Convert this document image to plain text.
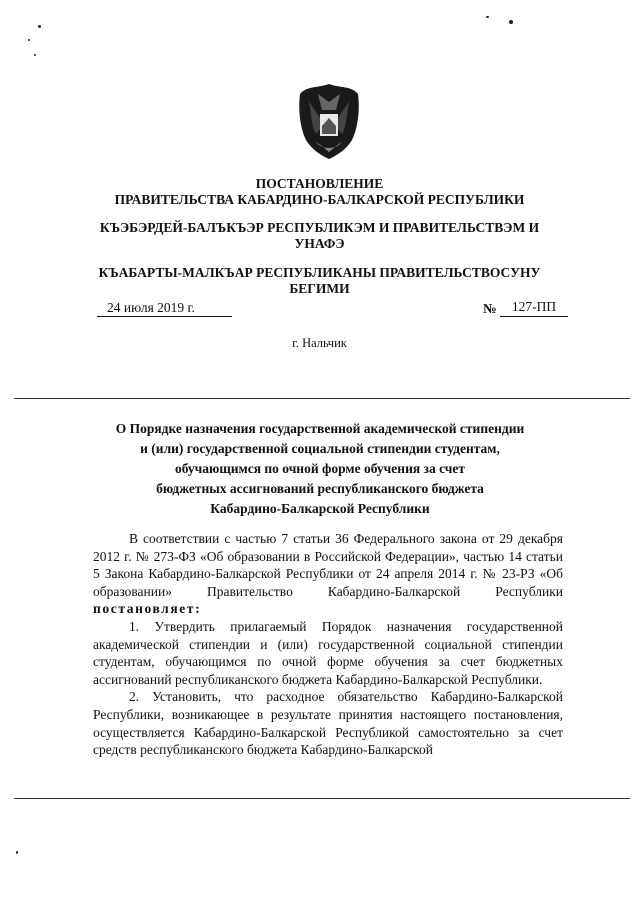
ПОСТАНОВЛЕНИЕ
ПРАВИТЕЛЬСТВА КАБАРДИНО-БАЛКАРСКОЙ РЕСПУБЛИКИ
КЪЭБЭРДЕЙ-БАЛЪКЪЭР РЕСПУБЛИКЭМ И ПРАВИТЕЛЬСТВЭМ И
УНАФЭ
КЪАБАРТЫ-МАЛКЪАР РЕСПУБЛИКАНЫ ПРАВИТЕЛЬСТВОСУНУ
БЕГИМИ
24 июля 2019 г.	№	127-ПП
г. Нальчик
О Порядке назначения государственной академической стипендии
и (или) государственной социальной стипендии студентам,
обучающимся по очной форме обучения за счет
бюджетных ассигнований республиканского бюджета
Кабардино-Балкарской Республики

В соответствии с частью 7 статьи 36 Федерального закона от 29 декабря 2012 г. № 273-ФЗ «Об образовании в Российской Федерации», частью 14 статьи 5 Закона Кабардино-Балкарской Республики от 24 апреля 2014 г. № 23-РЗ «Об образовании» Правительство Кабардино-Балкарской Республики постановляет:

1. Утвердить прилагаемый Порядок назначения государственной академической стипендии и (или) государственной социальной стипендии студентам, обучающимся по очной форме обучения за счет бюджетных ассигнований республиканского бюджета Кабардино-Балкарской Республики.

2. Установить, что расходное обязательство Кабардино-Балкарской Республики, возникающее в результате принятия настоящего постановления, осуществляется Кабардино-Балкарской Республикой самостоятельно за счет средств республиканского бюджета Кабардино-Балкарской
